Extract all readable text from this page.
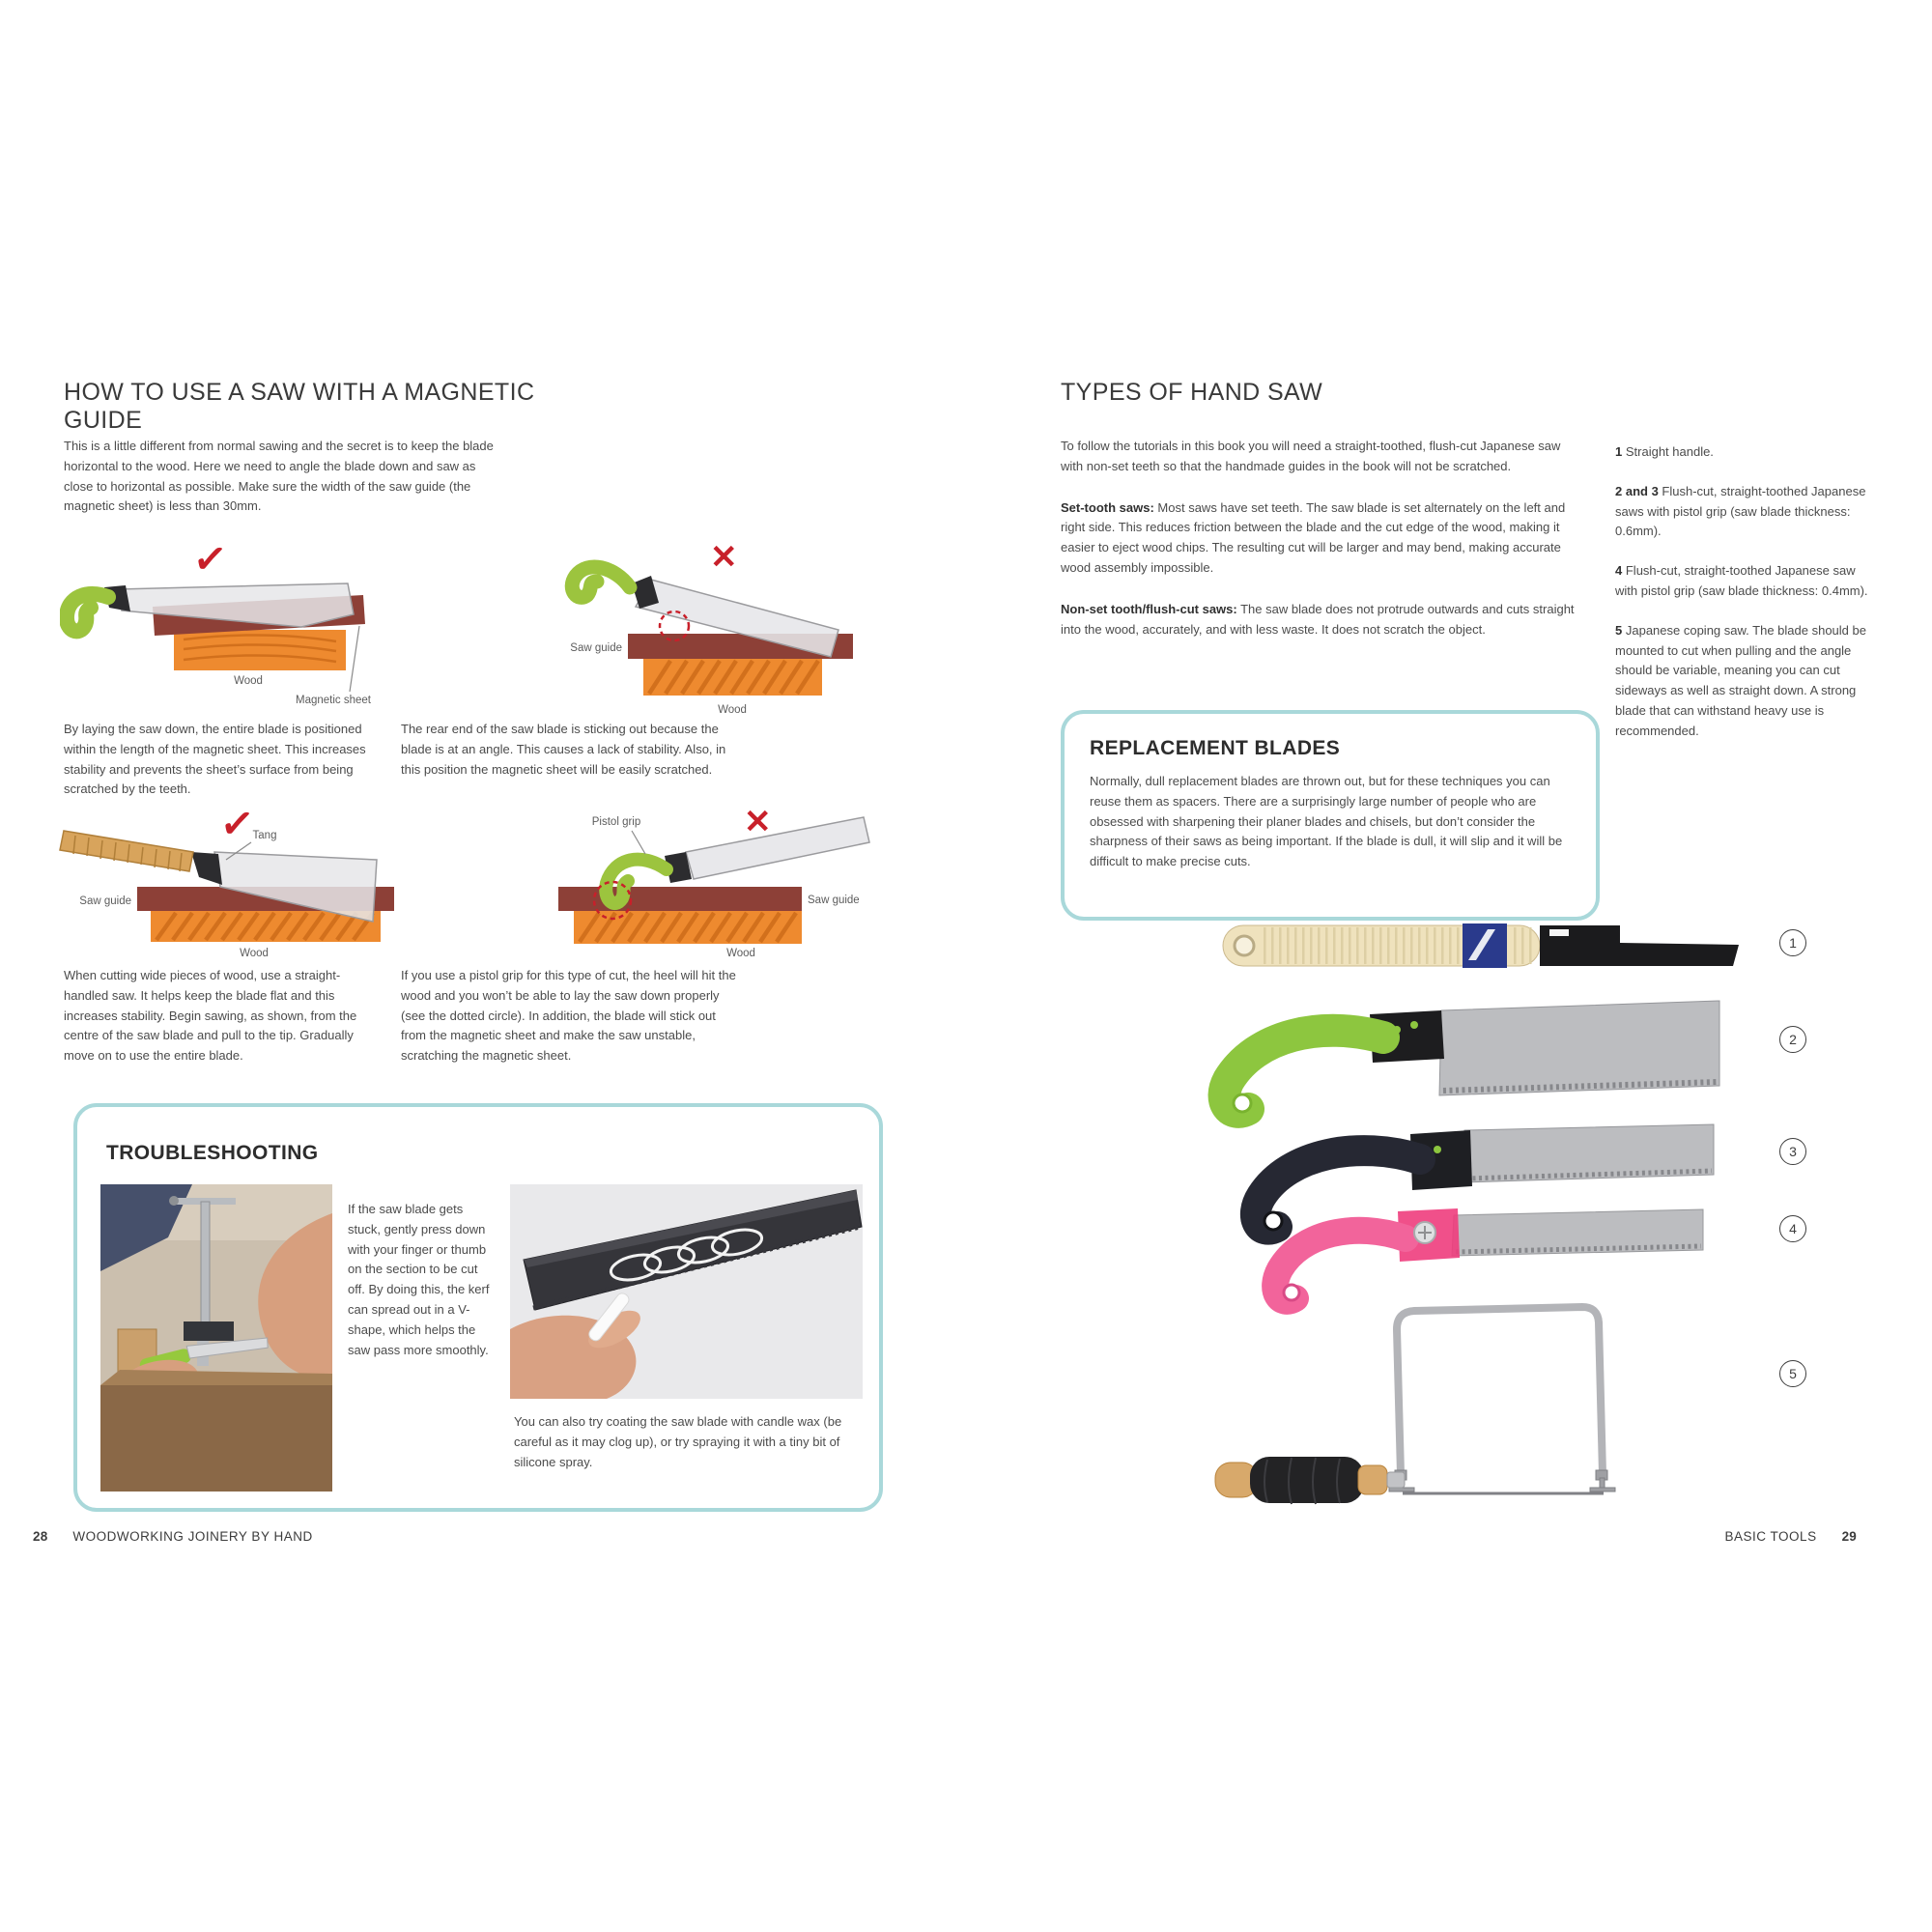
HOW TO USE A SAW WITH A MAGNETIC GUIDE
This is a little different from normal sawing and the secret is to keep the blade horizontal to the wood. Here we need to angle the blade down and saw as close to horizontal as possible. Make sure the width of the saw guide (the magnetic sheet) is less than 30mm.
✓
Wood
Magnetic sheet
✕
Saw guide
Wood
By laying the saw down, the entire blade is positioned within the length of the magnetic sheet. This increases stability and prevents the sheet’s surface from being scratched by the teeth.
The rear end of the saw blade is sticking out because the blade is at an angle. This causes a lack of stability. Also, in this position the magnetic sheet will be easily scratched.
✓
Tang
Saw guide
Wood
✕
Pistol grip
Wood
Saw guide
When cutting wide pieces of wood, use a straight-handled saw. It helps keep the blade flat and this increases stability. Begin sawing, as shown, from the centre of the saw blade and pull to the tip. Gradually move on to use the entire blade.
If you use a pistol grip for this type of cut, the heel will hit the wood and you won’t be able to lay the saw down properly (see the dotted circle). In addition, the blade will stick out from the magnetic sheet and make the saw unstable, scratching the magnetic sheet.
TROUBLESHOOTING
If the saw blade gets stuck, gently press down with your finger or thumb on the section to be cut off. By doing this, the kerf can spread out in a V-shape, which helps the saw pass more smoothly.
You can also try coating the saw blade with candle wax (be careful as it may clog up), or try spraying it with a tiny bit of silicone spray.
28 WOODWORKING JOINERY BY HAND
TYPES OF HAND SAW

To follow the tutorials in this book you will need a straight-toothed, flush-cut Japanese saw with non-set teeth so that the handmade guides in the book will not be scratched.

Set-tooth saws: Most saws have set teeth. The saw blade is set alternately on the left and right side. This reduces friction between the blade and the cut edge of the wood, making it easier to eject wood chips. The resulting cut will be larger and may bend, making accurate wood assembly impossible.

Non-set tooth/flush-cut saws: The saw blade does not protrude outwards and cuts straight into the wood, accurately, and with less waste. It does not scratch the object.

1 Straight handle.

2 and 3 Flush-cut, straight-toothed Japanese saws with pistol grip (saw blade thickness: 0.6mm).

4 Flush-cut, straight-toothed Japanese saw with pistol grip (saw blade thickness: 0.4mm).

5 Japanese coping saw. The blade should be mounted to cut when pulling and the angle should be variable, meaning you can cut sideways as well as straight down. A strong blade that can withstand heavy use is recommended.

REPLACEMENT BLADES
Normally, dull replacement blades are thrown out, but for these techniques you can reuse them as spacers. There are a surprisingly large number of people who are obsessed with sharpening their planer blades and chisels, but don’t consider the sharpness of their saws as being important. If the blade is dull, it will slip and it will be difficult to make precise cuts.
1
2
3
4
5
BASIC TOOLS 29
